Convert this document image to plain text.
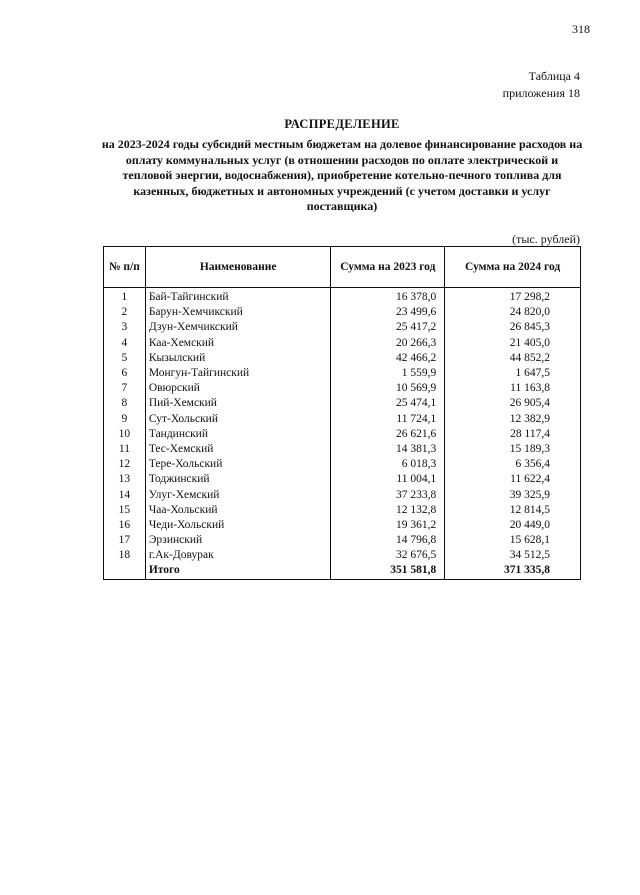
318
Таблица 4
приложения 18
РАСПРЕДЕЛЕНИЕ
на 2023-2024 годы субсидий местным бюджетам на долевое финансирование расходов на оплату коммунальных услуг (в отношении расходов по оплате электрической и тепловой энергии, водоснабжения), приобретение котельно-печного топлива для казенных, бюджетных и автономных учреждений (с учетом доставки и услуг поставщика)
(тыс. рублей)
№ п/п	Наименование	Сумма на 2023 год	Сумма на 2024 год
1	Бай-Тайгинский	16 378,0	17 298,2
2	Барун-Хемчикский	23 499,6	24 820,0
3	Дзун-Хемчикский	25 417,2	26 845,3
4	Каа-Хемский	20 266,3	21 405,0
5	Кызылский	42 466,2	44 852,2
6	Монгун-Тайгинский	1 559,9	1 647,5
7	Овюрский	10 569,9	11 163,8
8	Пий-Хемский	25 474,1	26 905,4
9	Сут-Хольский	11 724,1	12 382,9
10	Тандинский	26 621,6	28 117,4
11	Тес-Хемский	14 381,3	15 189,3
12	Тере-Хольский	6 018,3	6 356,4
13	Тоджинский	11 004,1	11 622,4
14	Улуг-Хемский	37 233,8	39 325,9
15	Чаа-Хольский	12 132,8	12 814,5
16	Чеди-Хольский	19 361,2	20 449,0
17	Эрзинский	14 796,8	15 628,1
18	г.Ак-Довурак	32 676,5	34 512,5
	Итого	351 581,8	371 335,8
